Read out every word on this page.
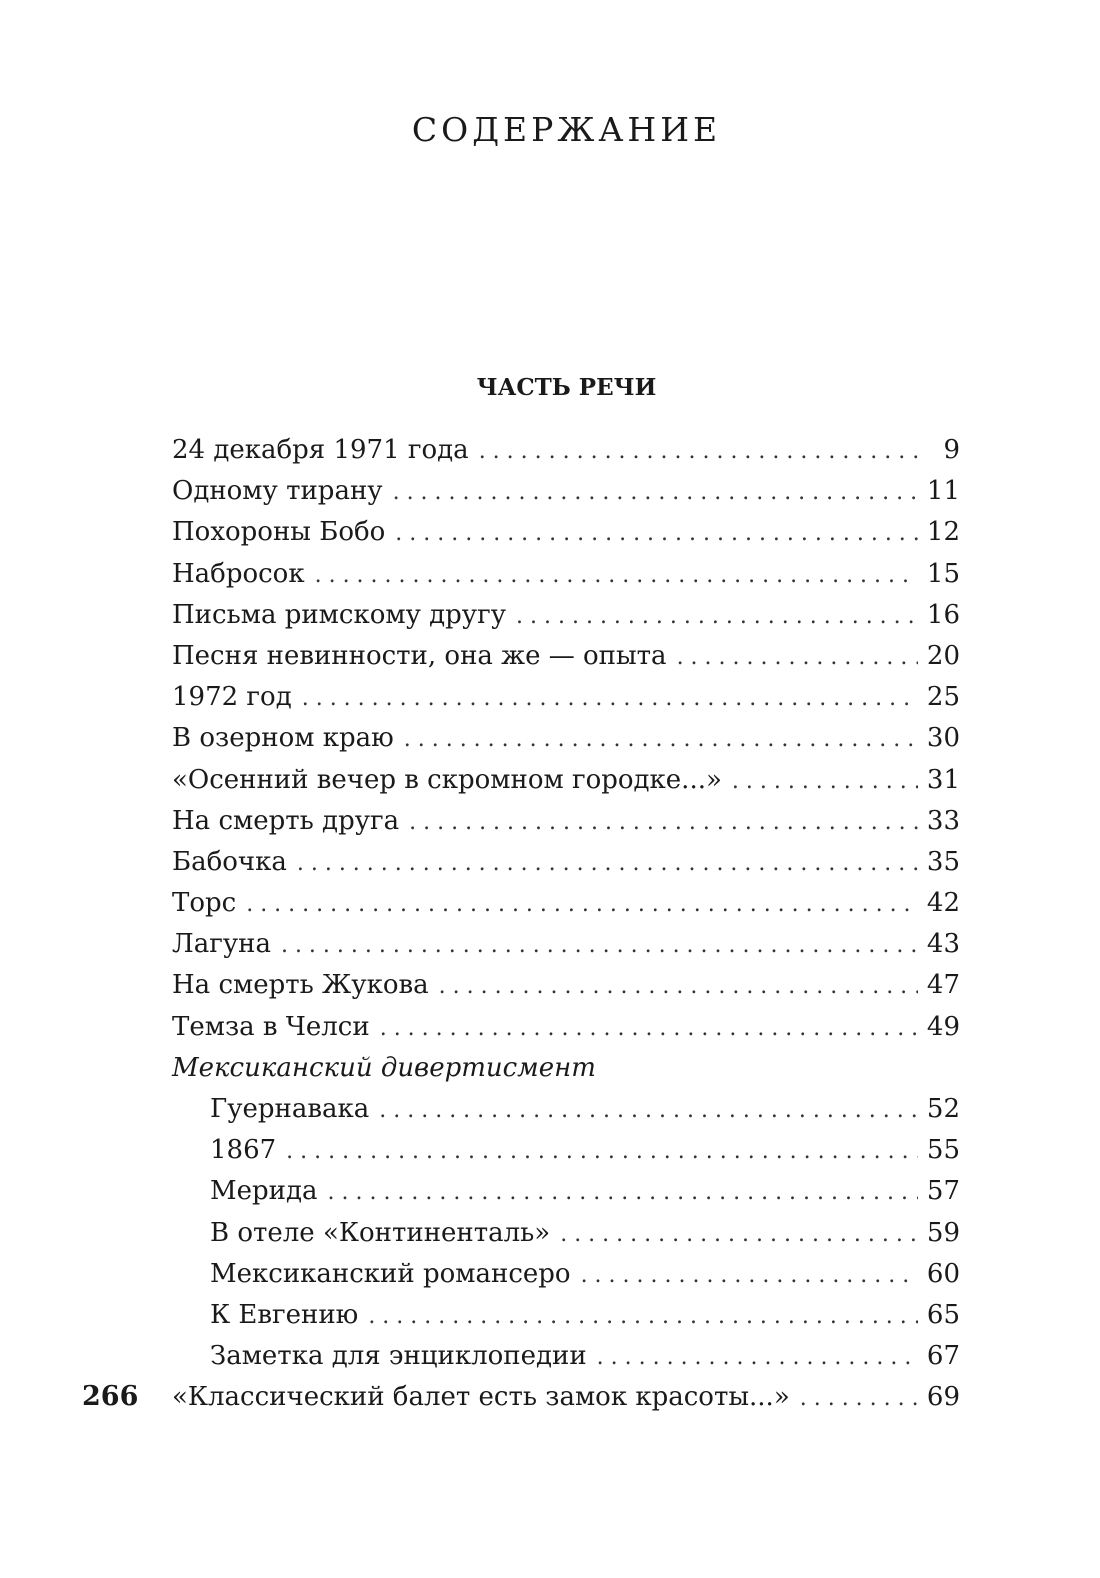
СОДЕРЖАНИЕ
ЧАСТЬ РЕЧИ
24 декабря 1971 года . . .	9
Одному тирану . . .	11
Похороны Бобо . . .	12
Набросок . . .	15
Письма римскому другу . . .	16
Песня невинности, она же — опыта . . .	20
1972 год . . .	25
В озерном краю . . .	30
«Осенний вечер в скромном городке...» . . .	31
На смерть друга . . .	33
Бабочка . . .	35
Торс . . .	42
Лагуна . . .	43
На смерть Жукова . . .	47
Темза в Челси . . .	49
Мексиканский дивертисмент
Гуернавака . . .	52
1867 . . .	55
Мерида . . .	57
В отеле «Континенталь» . . .	59
Мексиканский романсеро . . .	60
К Евгению . . .	65
Заметка для энциклопедии . . .	67
«Классический балет есть замок красоты...» . . .	69
266
